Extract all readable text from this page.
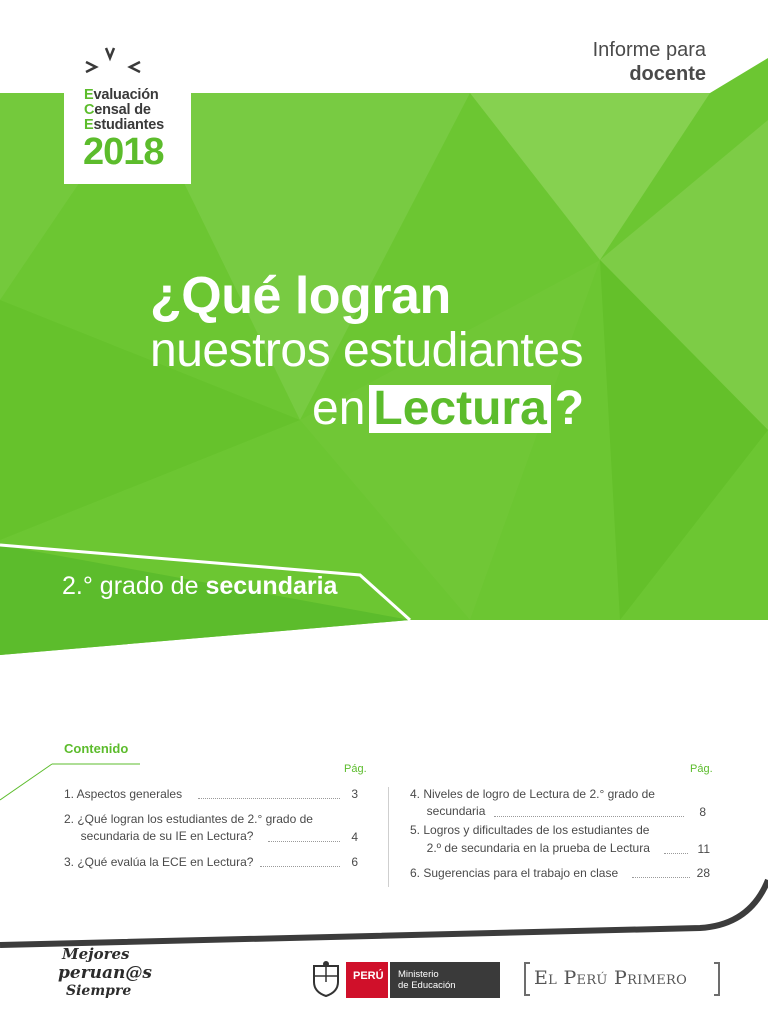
Informe para
docente
Evaluación
Censal de
Estudiantes
2018
¿Qué logran
nuestros estudiantes
en Lectura ?
2.° grado de secundaria
Contenido
Pág.	Pág.
1. Aspectos generales	3
2. ¿Qué logran los estudiantes de 2.° grado de
secundaria de su IE en Lectura?	4
3. ¿Qué evalúa la ECE en Lectura?	6
4. Niveles de logro de Lectura de 2.° grado de
secundaria	8
5. Logros y dificultades de los estudiantes de
2.º de secundaria en la prueba de Lectura	11
6. Sugerencias para el trabajo en clase	28
Mejores
peruan@s
Siempre
PERÚ	Ministerio
de Educación	El Perú Primero
